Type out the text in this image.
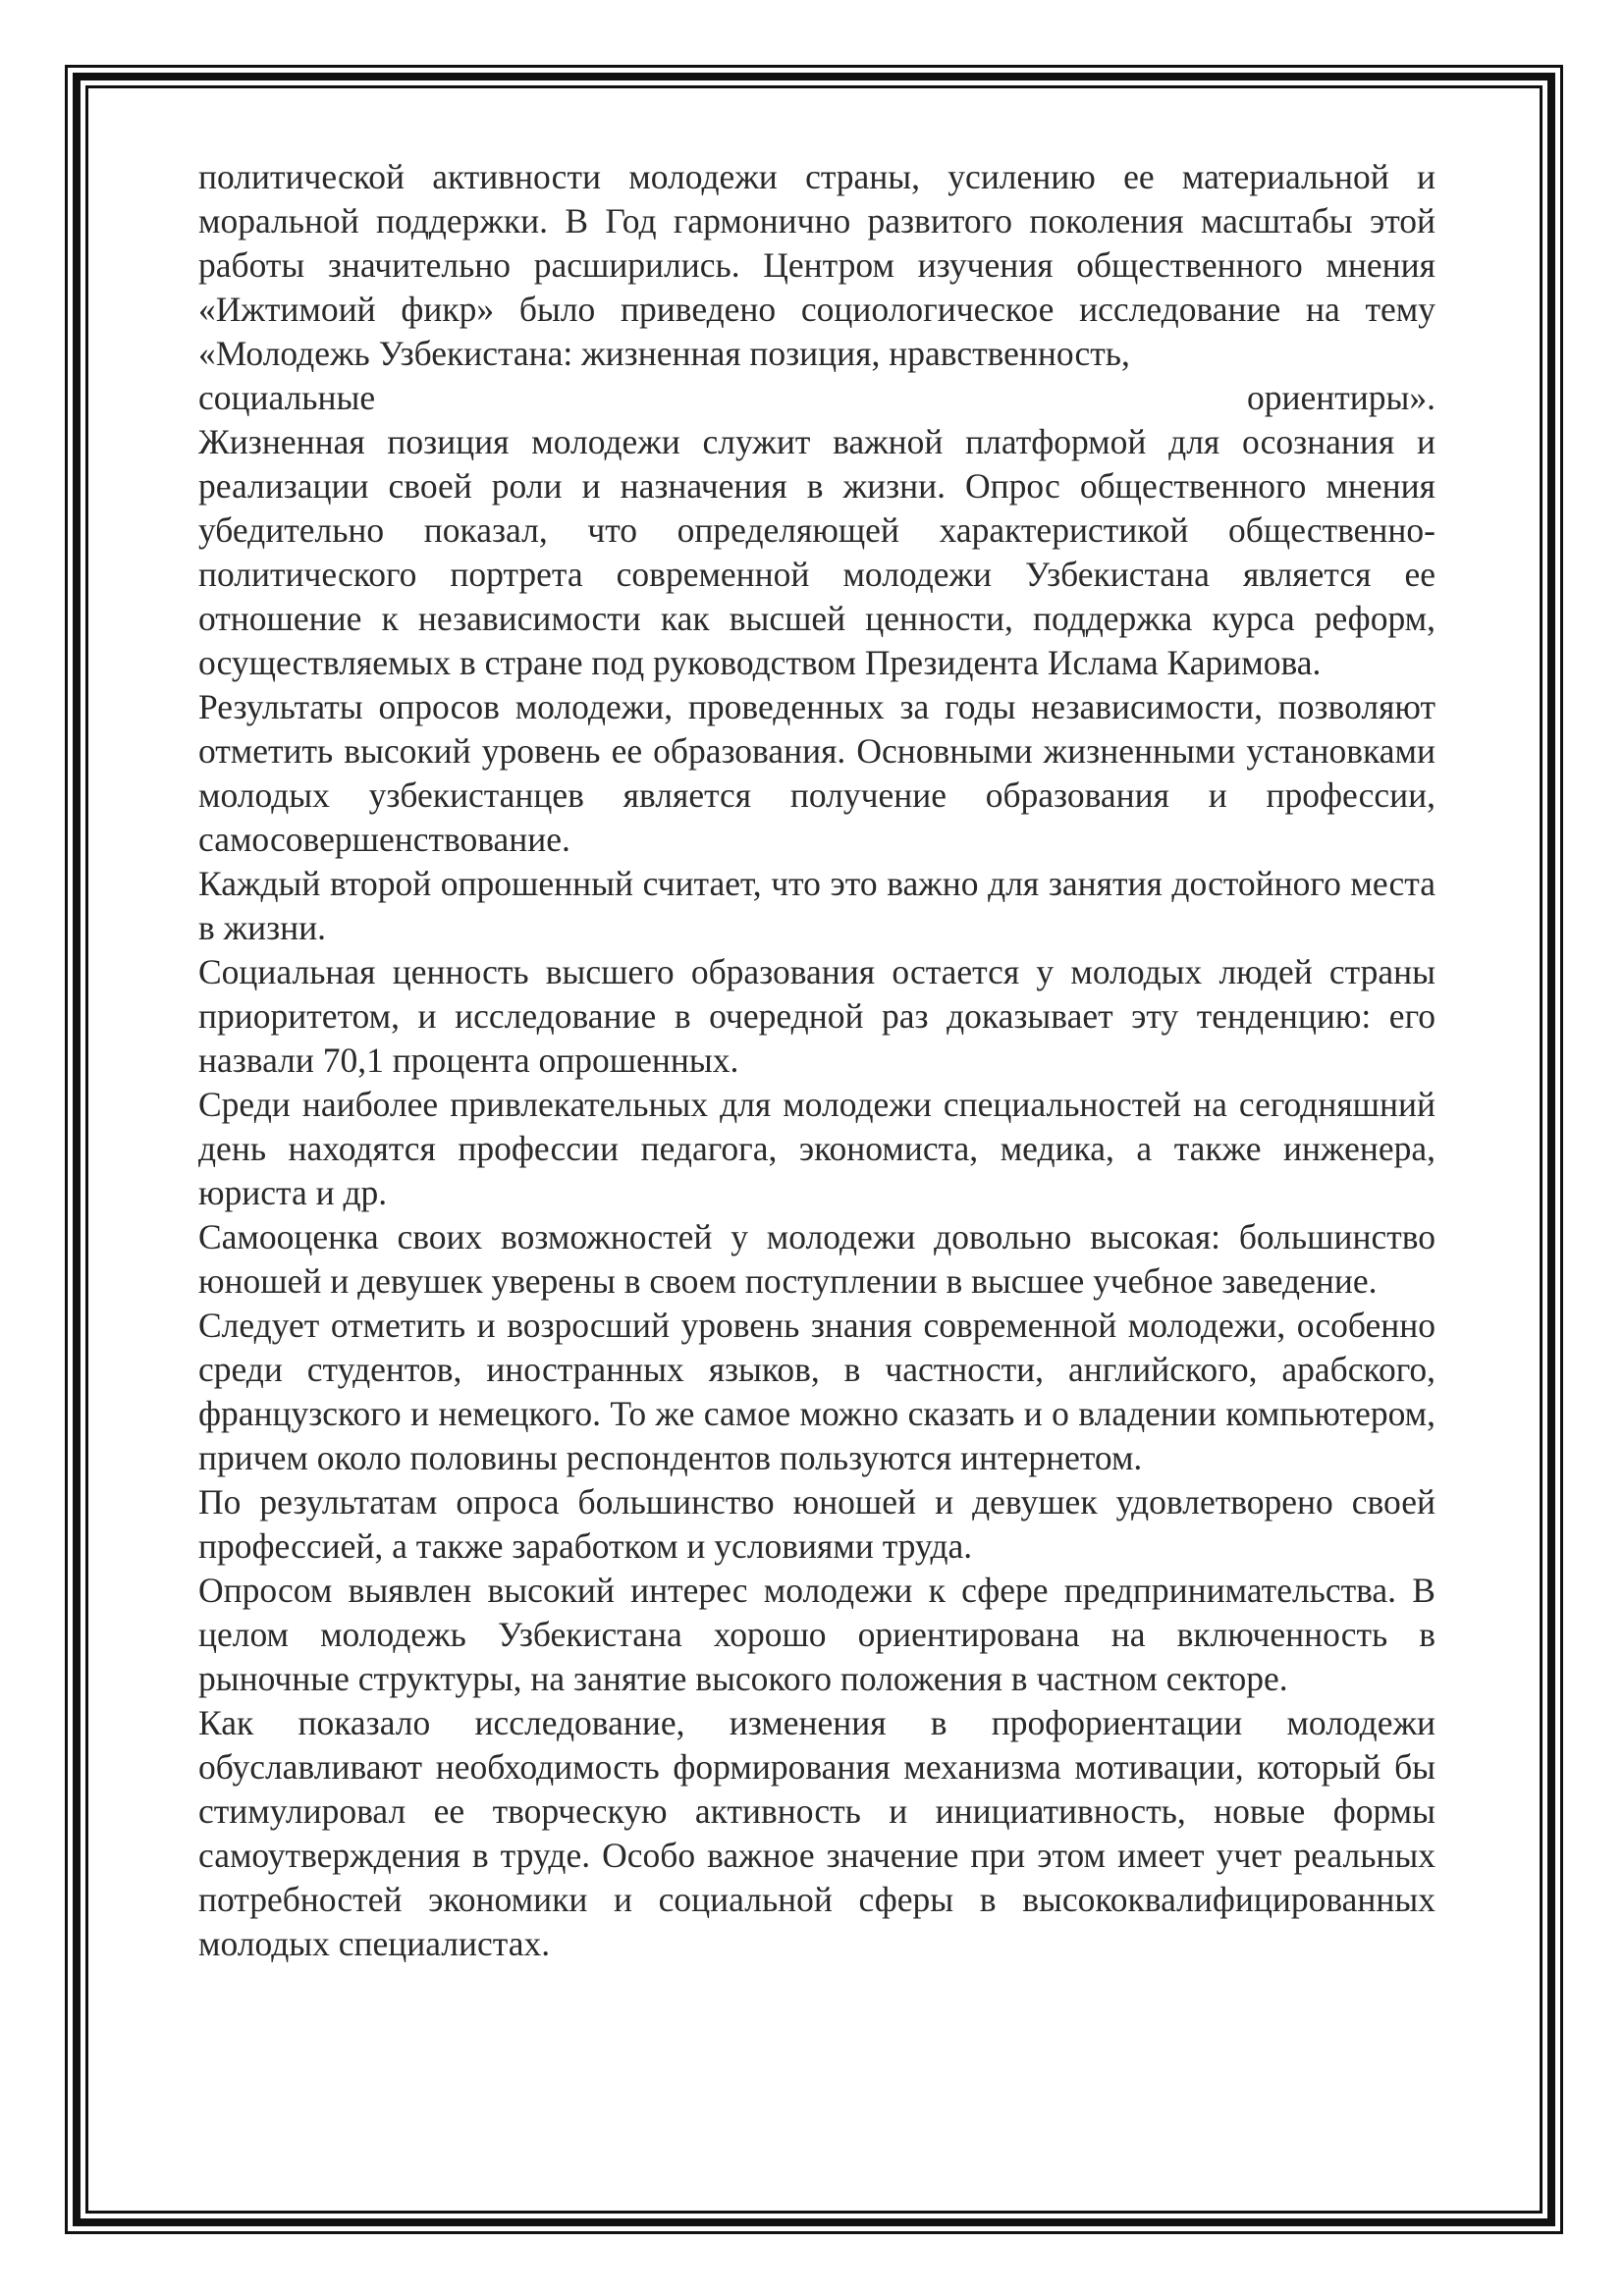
политической активности молодежи страны, усилению ее материальной и моральной поддержки. В Год гармонично развитого поколения масштабы этой работы значительно расширились. Центром изучения общественного мнения «Ижтимоий фикр» было приведено социологическое исследование на тему «Молодежь Узбекистана: жизненная позиция, нравственность,

социальные ориентиры».

Жизненная позиция молодежи служит важной платформой для осознания и реализации своей роли и назначения в жизни. Опрос общественного мнения убедительно показал, что определяющей характеристикой общественно-политического портрета современной молодежи Узбекистана является ее отношение к независимости как высшей ценности, поддержка курса реформ, осуществляемых в стране под руководством Президента Ислама Каримова.

Результаты опросов молодежи, проведенных за годы независимости, позволяют отметить высокий уровень ее образования. Основными жизненными установками молодых узбекистанцев является получение образования и профессии, самосовершенствование.

Каждый второй опрошенный считает, что это важно для занятия достойного места в жизни.

Социальная ценность высшего образования остается у молодых людей страны приоритетом, и исследование в очередной раз доказывает эту тенденцию: его назвали 70,1 процента опрошенных.

Среди наиболее привлекательных для молодежи специальностей на сегодняшний день находятся профессии педагога, экономиста, медика, а также инженера, юриста и др.

Самооценка своих возможностей у молодежи довольно высокая: большинство юношей и девушек уверены в своем поступлении в высшее учебное заведение.

Следует отметить и возросший уровень знания современной молодежи, особенно среди студентов, иностранных языков, в частности, английского, арабского, французского и немецкого. То же самое можно сказать и о владении компьютером, причем около половины респондентов пользуются интернетом.

По результатам опроса большинство юношей и девушек удовлетворено своей профессией, а также заработком и условиями труда.

Опросом выявлен высокий интерес молодежи к сфере предпринимательства. В целом молодежь Узбекистана хорошо ориентирована на включенность в рыночные структуры, на занятие высокого положения в частном секторе.

Как показало исследование, изменения в профориентации молодежи обуславливают необходимость формирования механизма мотивации, который бы стимулировал ее творческую активность и инициативность, новые формы самоутверждения в труде. Особо важное значение при этом имеет учет реальных потребностей экономики и социальной сферы в высококвалифицированных молодых специалистах.
